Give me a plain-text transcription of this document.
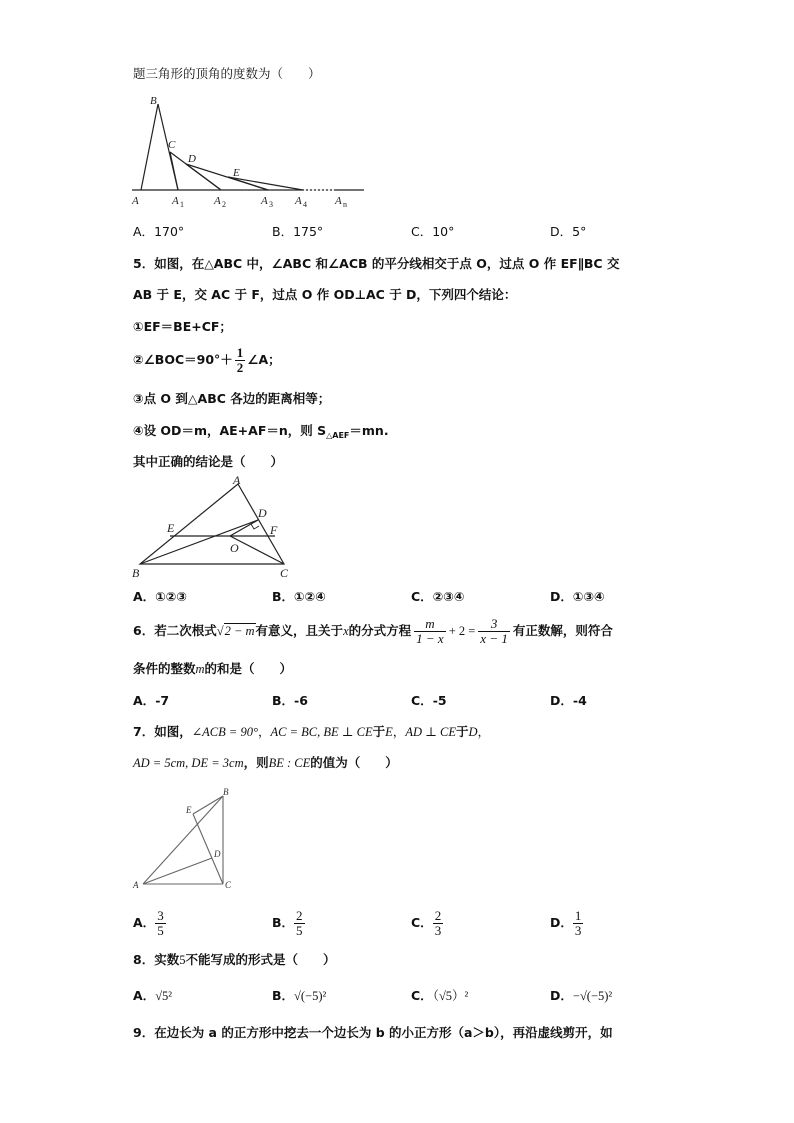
题三角形的顶角的度数为（　　）
B
C
D
E
A	A	A	A A	A
1	2	3	4	n
A．170°	B．175°	C．10°	D．5°
5．如图，在△ABC 中，∠ABC 和∠ACB 的平分线相交于点 O，过点 O 作 EF∥BC 交
AB 于 E，交 AC 于 F，过点 O 作 OD⊥AC 于 D，下列四个结论：
①EF＝BE+CF；
②∠BOC＝90°＋ $\frac{1}{2}$ ∠A；
③点 O 到△ABC 各边的距离相等；
④设 OD＝m，AE+AF＝n，则 $S_{\triangle AEF}=mn$.
其中正确的结论是（　　）
A
B	C
D
E	F
O
A．①②③	B．①②④	C．②③④	D．①③④
6．若二次根式√2 − m有意义，且关于x的分式方程 $\frac{m}{1 - x} + 2 = \frac{3}{x - 1}$ 有正数解，则符合
条件的整数m的和是（　　）
A．-7	B．-6	C．-5	D．-4
7．如图，∠ACB = 90°，AC = BC, BE ⊥ CE于E，AD ⊥ CE于D，
AD = 5cm, DE = 3cm，则BE : CE的值为（　　）
B
E
D
A	C
A． $\frac{3}{5}$	B． $\frac{2}{5}$	C． $\frac{2}{3}$	D． $\frac{1}{3}$
8．实数5不能写成的形式是（　　）
A．√5²	B．√(−5)²	C．（√5）²	D．−√(−5)²
9．在边长为 a 的正方形中挖去一个边长为 b 的小正方形（a＞b），再沿虚线剪开，如
